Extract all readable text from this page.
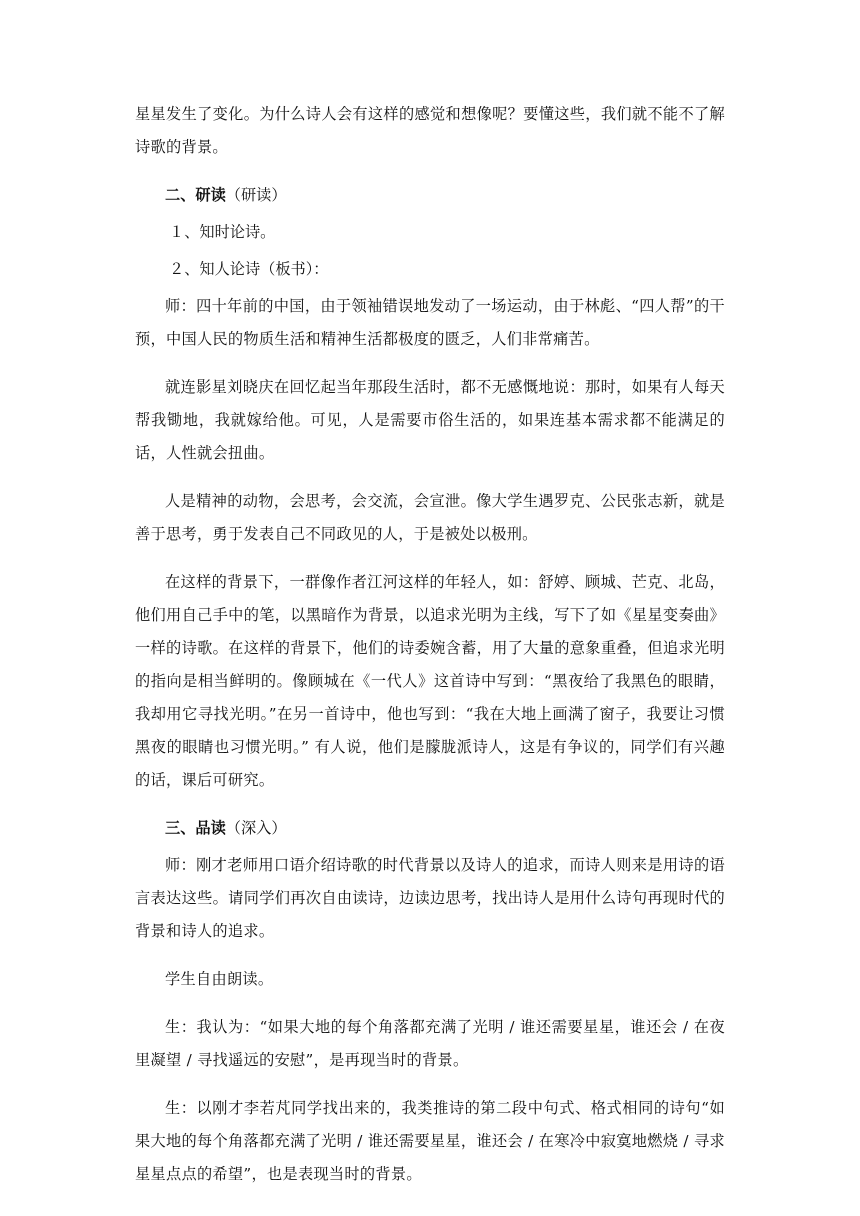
星星发生了变化。为什么诗人会有这样的感觉和想像呢？要懂这些，我们就不能不了解诗歌的背景。

二、研读（研读）

１、知时论诗。

２、知人论诗（板书）：

师：四十年前的中国，由于领袖错误地发动了一场运动，由于林彪、“四人帮”的干预，中国人民的物质生活和精神生活都极度的匮乏，人们非常痛苦。

就连影星刘晓庆在回忆起当年那段生活时，都不无感慨地说：那时，如果有人每天帮我锄地，我就嫁给他。可见，人是需要市俗生活的，如果连基本需求都不能满足的话，人性就会扭曲。

人是精神的动物，会思考，会交流，会宣泄。像大学生遇罗克、公民张志新，就是善于思考，勇于发表自己不同政见的人，于是被处以极刑。

在这样的背景下，一群像作者江河这样的年轻人，如：舒婷、顾城、芒克、北岛，他们用自己手中的笔，以黑暗作为背景，以追求光明为主线，写下了如《星星变奏曲》一样的诗歌。在这样的背景下，他们的诗委婉含蓄，用了大量的意象重叠，但追求光明的指向是相当鲜明的。像顾城在《一代人》这首诗中写到：“黑夜给了我黑色的眼睛，我却用它寻找光明。”在另一首诗中，他也写到：“我在大地上画满了窗子，我要让习惯黑夜的眼睛也习惯光明。” 有人说，他们是朦胧派诗人，这是有争议的，同学们有兴趣的话，课后可研究。

三、品读（深入）

师：刚才老师用口语介绍诗歌的时代背景以及诗人的追求，而诗人则来是用诗的语言表达这些。请同学们再次自由读诗，边读边思考，找出诗人是用什么诗句再现时代的背景和诗人的追求。

学生自由朗读。

生：我认为：“如果大地的每个角落都充满了光明 / 谁还需要星星，谁还会 / 在夜里凝望 / 寻找遥远的安慰”，是再现当时的背景。

生：以刚才李若芃同学找出来的，我类推诗的第二段中句式、格式相同的诗句“如果大地的每个角落都充满了光明 / 谁还需要星星，谁还会 / 在寒冷中寂寞地燃烧 / 寻求星星点点的希望”，也是表现当时的背景。
